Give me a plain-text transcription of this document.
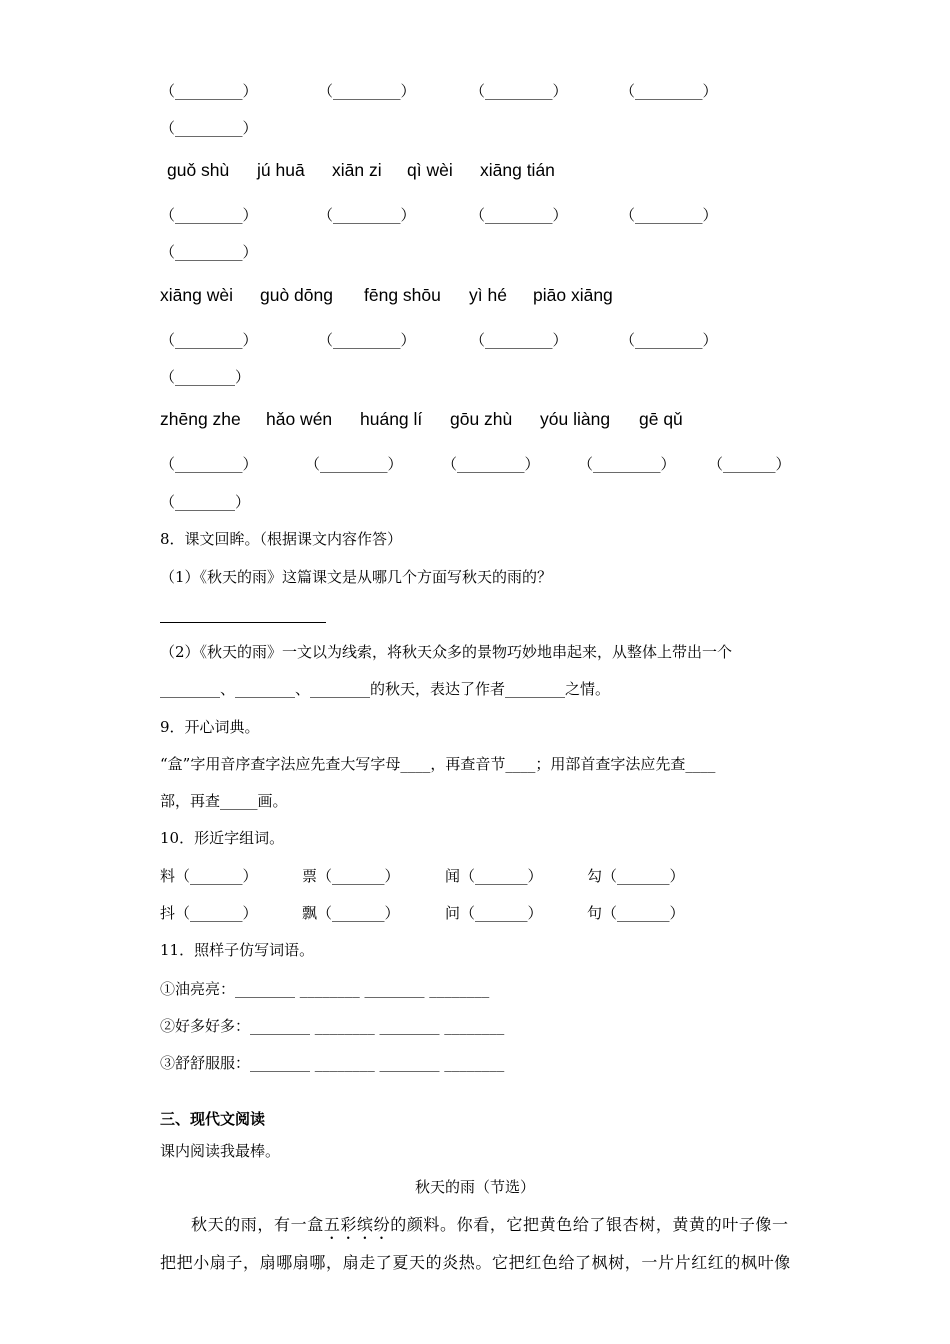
（_________）	（_________）	（_________）	（_________）
（_________）
guǒ shù jú huā xiān zi qì wèi xiāng tián
（_________）	（_________）	（_________）	（_________）
（_________）
xiāng wèi guò dōng fēng shōu yì hé piāo xiāng
（_________）	（_________）	（_________）	（_________）
（________）
zhēng zhe hǎo wén huáng lí gōu zhù yóu liàng gē qǔ
（_________）	（_________）	（_________）	（_________） （_______）
（________）
8．课文回眸。（根据课文内容作答）
（1）《秋天的雨》这篇课文是从哪几个方面写秋天的雨的？
（2）《秋天的雨》一文以为线索，将秋天众多的景物巧妙地串起来，从整体上带出一个
________、________、________的秋天，表达了作者________之情。
9．开心词典。
“盒”字用音序查字法应先查大写字母____，再查音节____；用部首查字法应先查____
部，再查_____画。
10．形近字组词。
料（_______）	票（_______）	闻（_______）	勾（_______）
抖（_______）	飘（_______）	问（_______）	句（_______）
11．照样子仿写词语。
①油亮亮：________ ________ ________ ________
②好多好多：________ ________ ________ ________
③舒舒服服：________ ________ ________ ________
三、现代文阅读
课内阅读我最棒。
秋天的雨（节选）
秋天的雨，有一盒五彩缤纷的颜料。你看，它把黄色给了银杏树，黄黄的叶子像一
把把小扇子，扇哪扇哪，扇走了夏天的炎热。它把红色给了枫树，一片片红红的枫叶像
